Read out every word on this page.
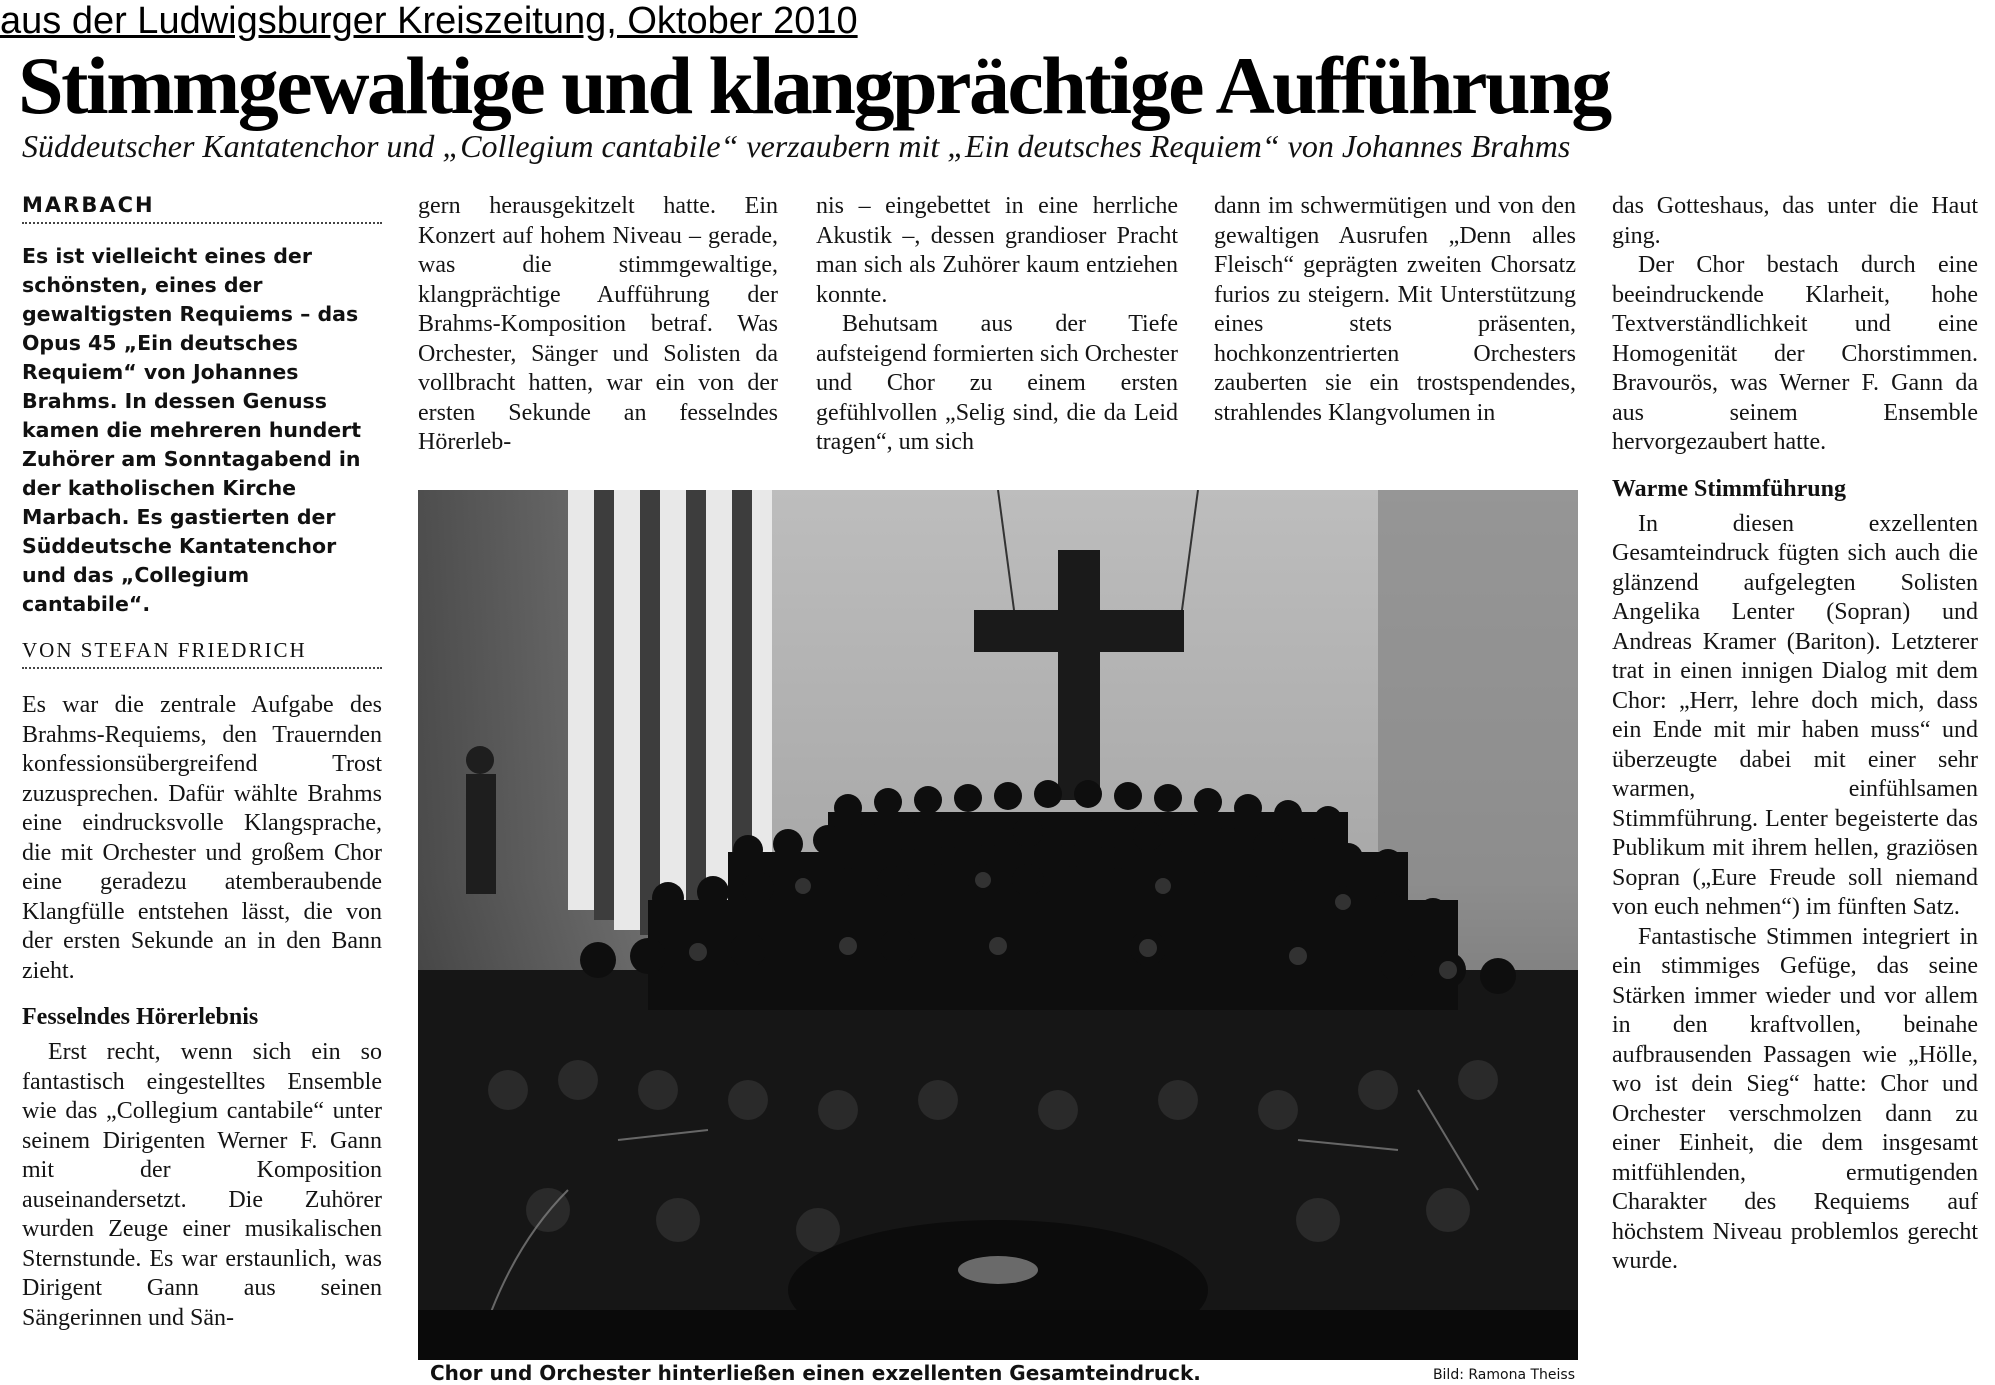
aus der Ludwigsburger Kreiszeitung, Oktober 2010
Stimmgewaltige und klangprächtige Aufführung
Süddeutscher Kantatenchor und „Collegium cantabile“ verzaubern mit „Ein deutsches Requiem“ von Johannes Brahms
MARBACH

Es ist vielleicht eines der schönsten, eines der gewaltigsten Requiems – das Opus 45 „Ein deutsches Requiem“ von Johannes Brahms. In dessen Genuss kamen die mehreren hundert Zuhörer am Sonntagabend in der katholischen Kirche Marbach. Es gastierten der Süddeutsche Kantatenchor und das „Collegium cantabile“.

VON STEFAN FRIEDRICH

Es war die zentrale Aufgabe des Brahms-Requiems, den Trauernden konfessionsübergreifend Trost zuzusprechen. Dafür wählte Brahms eine eindrucksvolle Klangsprache, die mit Orchester und großem Chor eine geradezu atemberaubende Klangfülle entstehen lässt, die von der ersten Sekunde an in den Bann zieht.

Fesselndes Hörerlebnis

Erst recht, wenn sich ein so fantastisch eingestelltes Ensemble wie das „Collegium cantabile“ unter seinem Dirigenten Werner F. Gann mit der Komposition auseinandersetzt. Die Zuhörer wurden Zeuge einer musikalischen Sternstunde. Es war erstaunlich, was Dirigent Gann aus seinen Sängerinnen und Sän-

gern herausgekitzelt hatte. Ein Konzert auf hohem Niveau – gerade, was die stimmgewaltige, klangprächtige Aufführung der Brahms-Komposition betraf. Was Orchester, Sänger und Solisten da vollbracht hatten, war ein von der ersten Sekunde an fesselndes Hörerleb-

nis – eingebettet in eine herrliche Akustik –, dessen grandioser Pracht man sich als Zuhörer kaum entziehen konnte.

Behutsam aus der Tiefe aufsteigend formierten sich Orchester und Chor zu einem ersten gefühlvollen „Selig sind, die da Leid tragen“, um sich

dann im schwermütigen und von den gewaltigen Ausrufen „Denn alles Fleisch“ geprägten zweiten Chorsatz furios zu steigern. Mit Unterstützung eines stets präsenten, hochkonzentrierten Orchesters zauberten sie ein trostspendendes, strahlendes Klangvolumen in

das Gotteshaus, das unter die Haut ging.

Der Chor bestach durch eine beeindruckende Klarheit, hohe Textverständlichkeit und eine Homogenität der Chorstimmen. Bravourös, was Werner F. Gann da aus seinem Ensemble hervorgezaubert hatte.

Warme Stimmführung

In diesen exzellenten Gesamteindruck fügten sich auch die glänzend aufgelegten Solisten Angelika Lenter (Sopran) und Andreas Kramer (Bariton). Letzterer trat in einen innigen Dialog mit dem Chor: „Herr, lehre doch mich, dass ein Ende mit mir haben muss“ und überzeugte dabei mit einer sehr warmen, einfühlsamen Stimmführung. Lenter begeisterte das Publikum mit ihrem hellen, graziösen Sopran („Eure Freude soll niemand von euch nehmen“) im fünften Satz.

Fantastische Stimmen integriert in ein stimmiges Gefüge, das seine Stärken immer wieder und vor allem in den kraftvollen, beinahe aufbrausenden Passagen wie „Hölle, wo ist dein Sieg“ hatte: Chor und Orchester verschmolzen dann zu einer Einheit, die dem insgesamt mitfühlenden, ermutigenden Charakter des Requiems auf höchstem Niveau problemlos gerecht wurde.

Chor und Orchester hinterließen einen exzellenten Gesamteindruck.	Bild: Ramona Theiss
